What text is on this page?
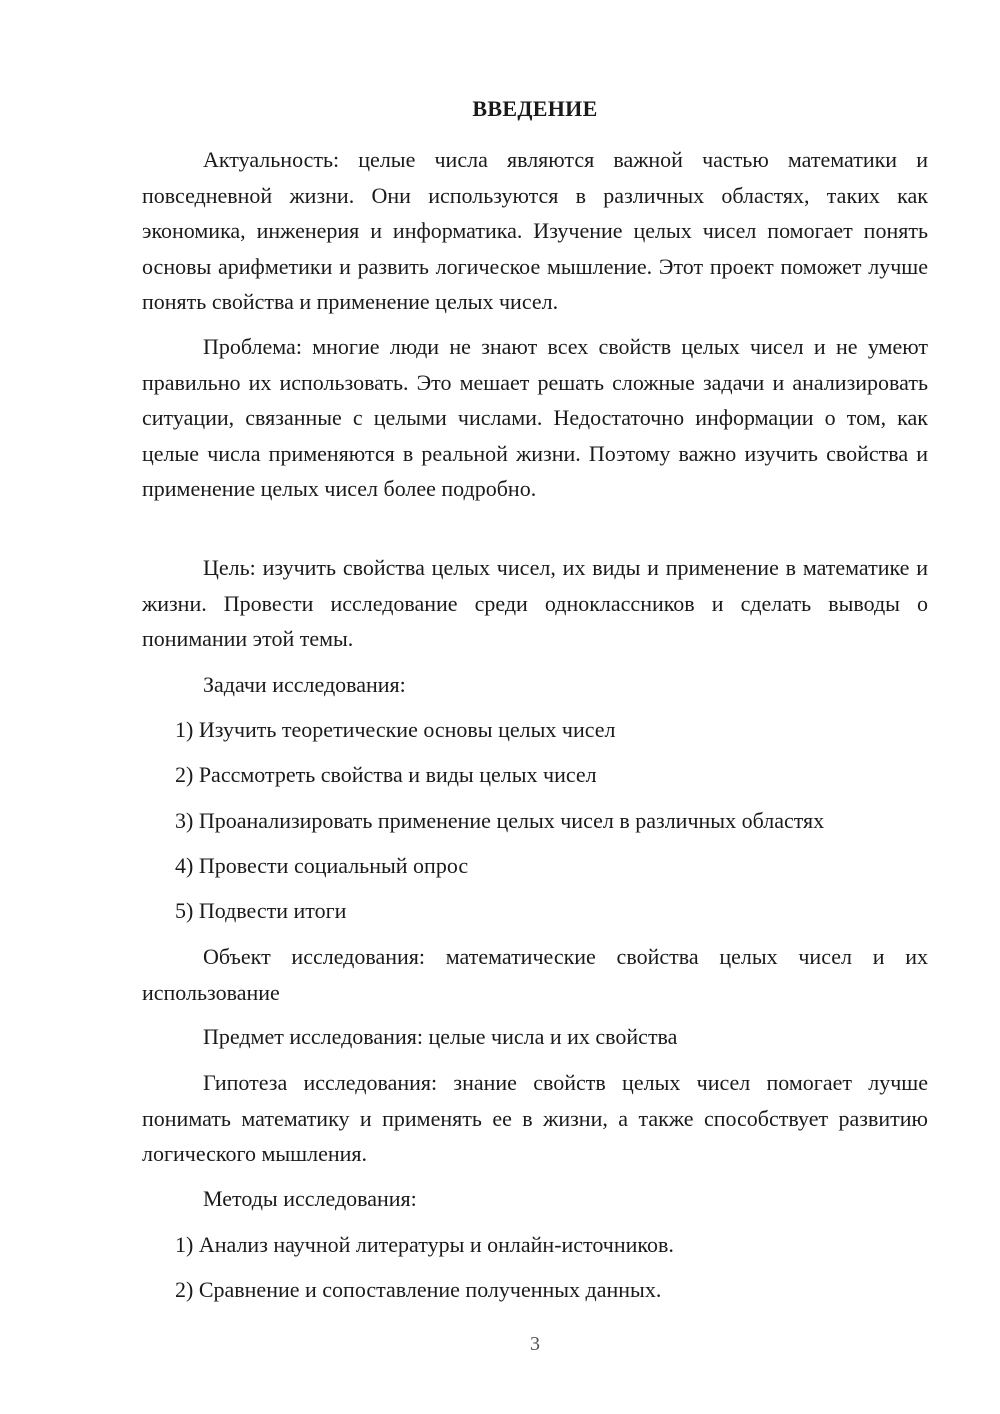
ВВЕДЕНИЕ

Актуальность: целые числа являются важной частью математики и повседневной жизни. Они используются в различных областях, таких как экономика, инженерия и информатика. Изучение целых чисел помогает понять основы арифметики и развить логическое мышление. Этот проект поможет лучше понять свойства и применение целых чисел.

Проблема: многие люди не знают всех свойств целых чисел и не умеют правильно их использовать. Это мешает решать сложные задачи и анализировать ситуации, связанные с целыми числами. Недостаточно информации о том, как целые числа применяются в реальной жизни. Поэтому важно изучить свойства и применение целых чисел более подробно.

Цель: изучить свойства целых чисел, их виды и применение в математике и жизни. Провести исследование среди одноклассников и сделать выводы о понимании этой темы.

Задачи исследования:

1) Изучить теоретические основы целых чисел

2) Рассмотреть свойства и виды целых чисел

3) Проанализировать применение целых чисел в различных областях

4) Провести социальный опрос

5) Подвести итоги

Объект исследования: математические свойства целых чисел и их использование

Предмет исследования: целые числа и их свойства

Гипотеза исследования: знание свойств целых чисел помогает лучше понимать математику и применять ее в жизни, а также способствует развитию логического мышления.

Методы исследования:

1) Анализ научной литературы и онлайн-источников.

2) Сравнение и сопоставление полученных данных.

3
